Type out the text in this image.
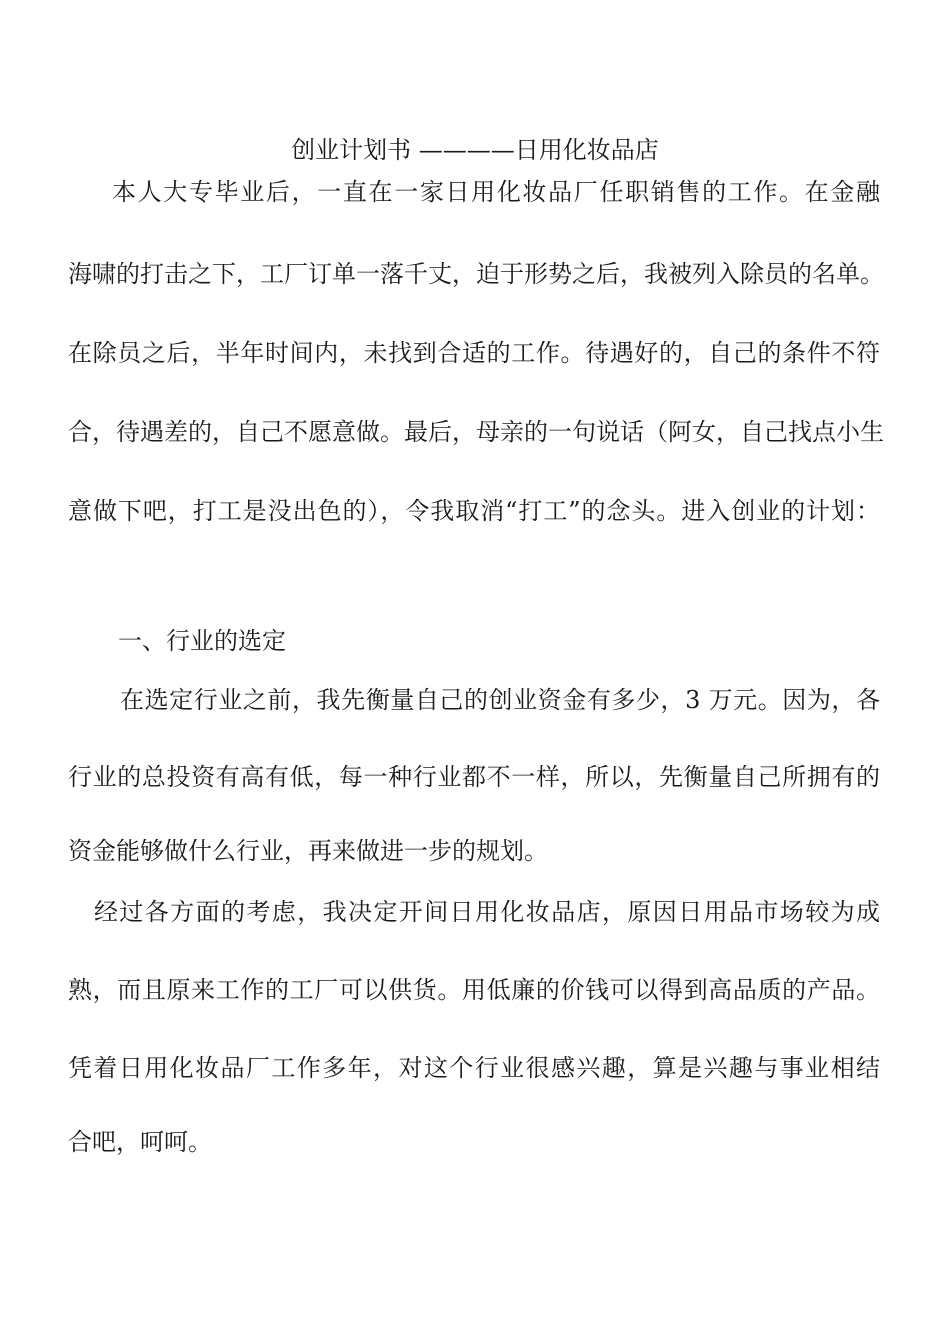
创业计划书 ————日用化妆品店
本人大专毕业后，一直在一家日用化妆品厂任职销售的工作。在金融
海啸的打击之下，工厂订单一落千丈，迫于形势之后，我被列入除员的名单。
在除员之后，半年时间内，未找到合适的工作。待遇好的，自己的条件不符
合，待遇差的，自己不愿意做。最后，母亲的一句说话（阿女，自己找点小生
意做下吧，打工是没出色的），令我取消“打工”的念头。进入创业的计划：
一、行业的选定
在选定行业之前，我先衡量自己的创业资金有多少，3 万元。因为，各
行业的总投资有高有低，每一种行业都不一样，所以，先衡量自己所拥有的
资金能够做什么行业，再来做进一步的规划。
经过各方面的考虑，我决定开间日用化妆品店，原因日用品市场较为成
熟，而且原来工作的工厂可以供货。用低廉的价钱可以得到高品质的产品。
凭着日用化妆品厂工作多年，对这个行业很感兴趣，算是兴趣与事业相结
合吧，呵呵。
